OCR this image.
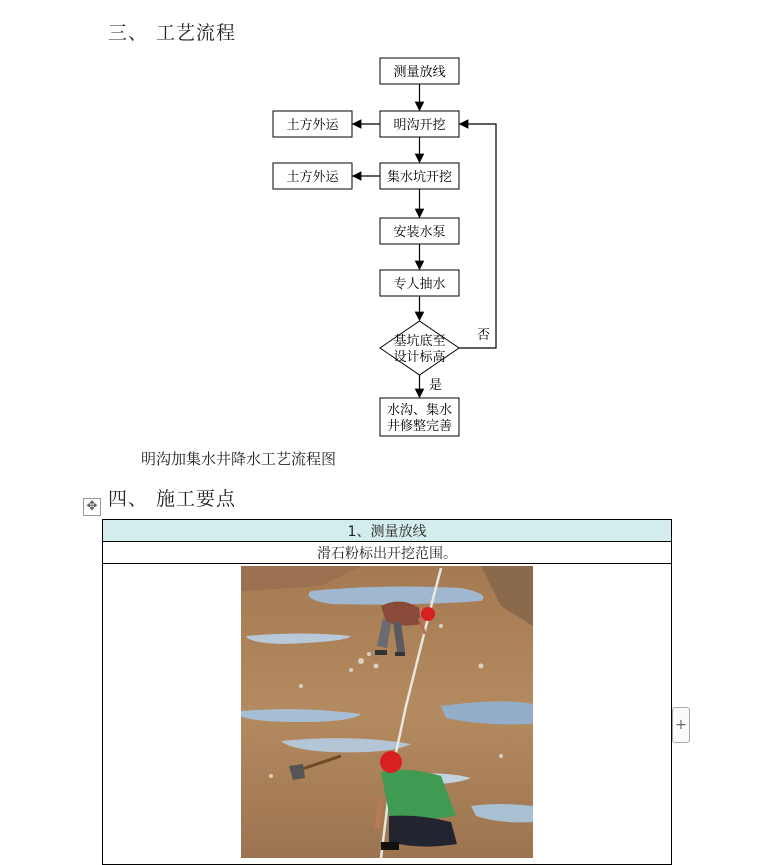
三、 工艺流程
测量放线
明沟开挖
土方外运
集水坑开挖
土方外运
安装水泵
专人抽水
基坑底至
设计标高
水沟、集水
井修整完善
否
是
明沟加集水井降水工艺流程图
✥ 四、 施工要点
1、测量放线
滑石粉标出开挖范围。

+
